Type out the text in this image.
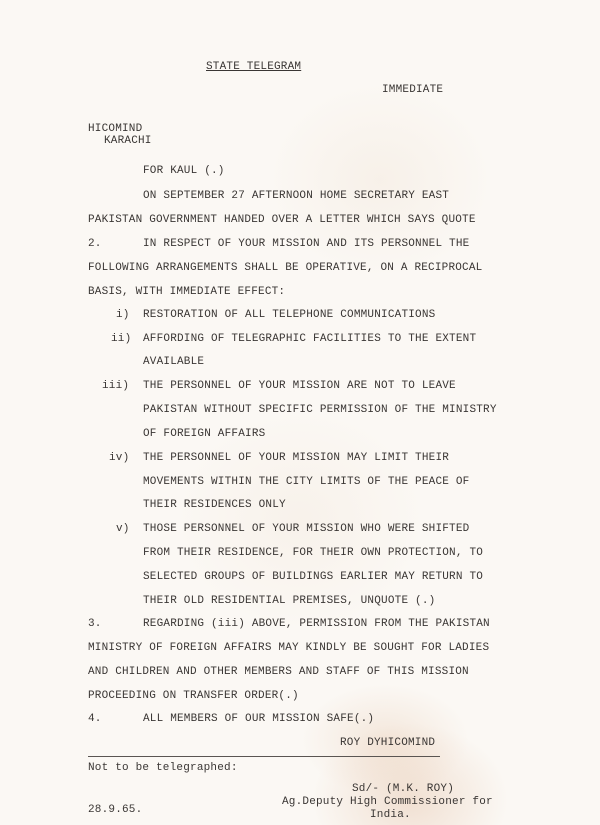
STATE TELEGRAM
IMMEDIATE
HICOMIND
KARACHI
FOR KAUL (.)
ON SEPTEMBER 27 AFTERNOON HOME SECRETARY EAST
PAKISTAN GOVERNMENT HANDED OVER A LETTER WHICH SAYS QUOTE
2.	IN RESPECT OF YOUR MISSION AND ITS PERSONNEL THE
FOLLOWING ARRANGEMENTS SHALL BE OPERATIVE, ON A RECIPROCAL
BASIS, WITH IMMEDIATE EFFECT:
i) RESTORATION OF ALL TELEPHONE COMMUNICATIONS
ii) AFFORDING OF TELEGRAPHIC FACILITIES TO THE EXTENT
AVAILABLE
iii) THE PERSONNEL OF YOUR MISSION ARE NOT TO LEAVE
PAKISTAN WITHOUT SPECIFIC PERMISSION OF THE MINISTRY
OF FOREIGN AFFAIRS
iv) THE PERSONNEL OF YOUR MISSION MAY LIMIT THEIR
MOVEMENTS WITHIN THE CITY LIMITS OF THE PEACE OF
THEIR RESIDENCES ONLY
v) THOSE PERSONNEL OF YOUR MISSION WHO WERE SHIFTED
FROM THEIR RESIDENCE, FOR THEIR OWN PROTECTION, TO
SELECTED GROUPS OF BUILDINGS EARLIER MAY RETURN TO
THEIR OLD RESIDENTIAL PREMISES, UNQUOTE (.)
3.	REGARDING (iii) ABOVE, PERMISSION FROM THE PAKISTAN
MINISTRY OF FOREIGN AFFAIRS MAY KINDLY BE SOUGHT FOR LADIES
AND CHILDREN AND OTHER MEMBERS AND STAFF OF THIS MISSION
PROCEEDING ON TRANSFER ORDER(.)
4.	ALL MEMBERS OF OUR MISSION SAFE(.)
ROY DYHICOMIND
Not to be telegraphed:
Sd/- (M.K. ROY)
Ag.Deputy High Commissioner for
India.
28.9.65.
